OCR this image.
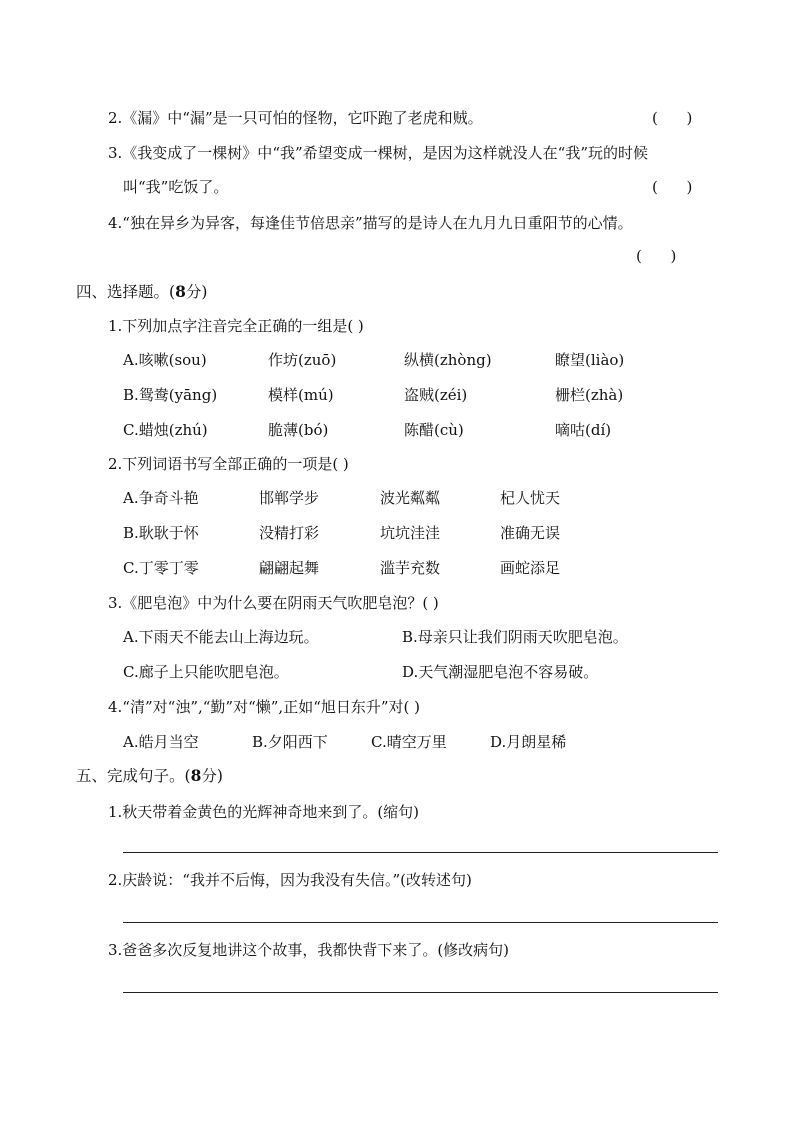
2.《漏》中“漏”是一只可怕的怪物，它吓跑了老虎和贼。	(      )
3.《我变成了一棵树》中“我”希望变成一棵树，是因为这样就没人在“我”玩的时候
叫“我”吃饭了。	(      )
4.“独在异乡为异客，每逢佳节倍思亲”描写的是诗人在九月九日重阳节的心情。
(      )
四、选择题。(8分)
1.下列加点字注音完全正确的一组是( )
A.咳嗽(sou)	作坊(zuō)	纵横(zhòng)	瞭望(liào)
B.鸳鸯(yāng)	模样(mú)	盗贼(zéi)	栅栏(zhà)
C.蜡烛(zhú)	脆薄(bó)	陈醋(cù)	嘀咕(dí)
2.下列词语书写全部正确的一项是( )
A.争奇斗艳	邯郸学步	波光粼粼	杞人忧天
B.耿耿于怀	没精打彩	坑坑洼洼	准确无误
C.丁零丁零	翩翩起舞	滥芋充数	画蛇添足
3.《肥皂泡》中为什么要在阴雨天气吹肥皂泡？( )
A.下雨天不能去山上海边玩。	B.母亲只让我们阴雨天吹肥皂泡。
C.廊子上只能吹肥皂泡。	D.天气潮湿肥皂泡不容易破。
4.“清”对“浊”,“勤”对“懒”,正如“旭日东升”对( )
A.皓月当空	B.夕阳西下	C.晴空万里	D.月朗星稀
五、完成句子。(8分)
1.秋天带着金黄色的光辉神奇地来到了。(缩句)
2.庆龄说：“我并不后悔，因为我没有失信。”(改转述句)
3.爸爸多次反复地讲这个故事，我都快背下来了。(修改病句)
